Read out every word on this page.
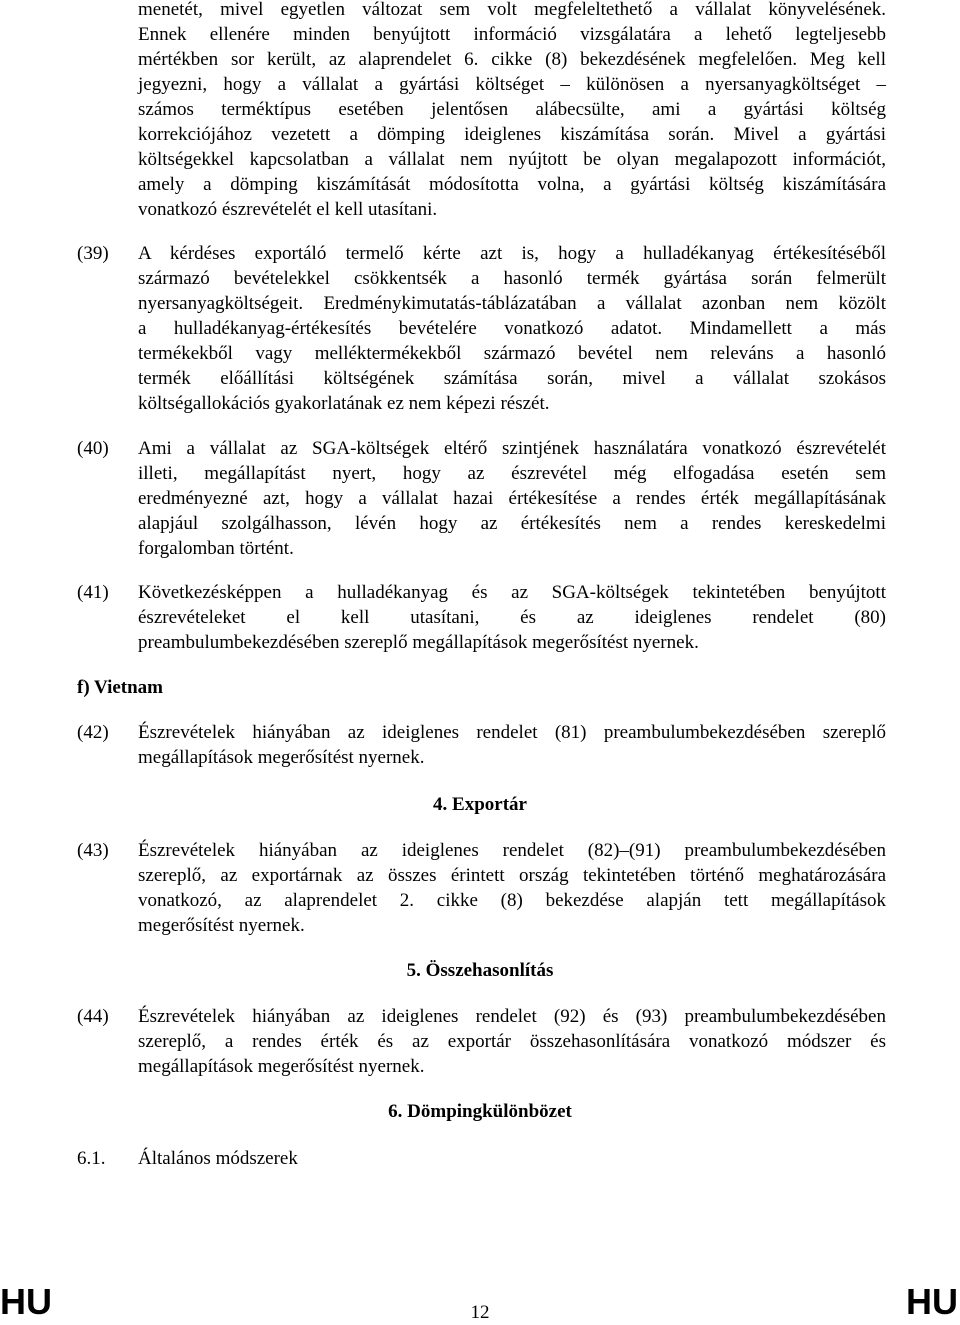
menetét, mivel egyetlen változat sem volt megfeleltethető a vállalat könyvelésének.
Ennek ellenére minden benyújtott információ vizsgálatára a lehető legteljesebb
mértékben sor került, az alaprendelet 6. cikke (8) bekezdésének megfelelően. Meg kell
jegyezni, hogy a vállalat a gyártási költséget – különösen a nyersanyagköltséget –
számos terméktípus esetében jelentősen alábecsülte, ami a gyártási költség
korrekciójához vezetett a dömping ideiglenes kiszámítása során. Mivel a gyártási
költségekkel kapcsolatban a vállalat nem nyújtott be olyan megalapozott információt,
amely a dömping kiszámítását módosította volna, a gyártási költség kiszámítására
vonatkozó észrevételét el kell utasítani.
(39) A kérdéses exportáló termelő kérte azt is, hogy a hulladékanyag értékesítéséből
származó bevételekkel csökkentsék a hasonló termék gyártása során felmerült
nyersanyagköltségeit. Eredménykimutatás-táblázatában a vállalat azonban nem közölt
a hulladékanyag-értékesítés bevételére vonatkozó adatot. Mindamellett a más
termékekből vagy melléktermékekből származó bevétel nem releváns a hasonló
termék előállítási költségének számítása során, mivel a vállalat szokásos
költségallokációs gyakorlatának ez nem képezi részét.
(40) Ami a vállalat az SGA-költségek eltérő szintjének használatára vonatkozó észrevételét
illeti, megállapítást nyert, hogy az észrevétel még elfogadása esetén sem
eredményezné azt, hogy a vállalat hazai értékesítése a rendes érték megállapításának
alapjául szolgálhasson, lévén hogy az értékesítés nem a rendes kereskedelmi
forgalomban történt.
(41) Következésképpen a hulladékanyag és az SGA-költségek tekintetében benyújtott
észrevételeket el kell utasítani, és az ideiglenes rendelet (80)
preambulumbekezdésében szereplő megállapítások megerősítést nyernek.
f) Vietnam
(42) Észrevételek hiányában az ideiglenes rendelet (81) preambulumbekezdésében szereplő
megállapítások megerősítést nyernek.
4. Exportár
(43) Észrevételek hiányában az ideiglenes rendelet (82)–(91) preambulumbekezdésében
szereplő, az exportárnak az összes érintett ország tekintetében történő meghatározására
vonatkozó, az alaprendelet 2. cikke (8) bekezdése alapján tett megállapítások
megerősítést nyernek.
5. Összehasonlítás
(44) Észrevételek hiányában az ideiglenes rendelet (92) és (93) preambulumbekezdésében
szereplő, a rendes érték és az exportár összehasonlítására vonatkozó módszer és
megállapítások megerősítést nyernek.
6. Dömpingkülönbözet
6.1. Általános módszerek
HU	12	HU
